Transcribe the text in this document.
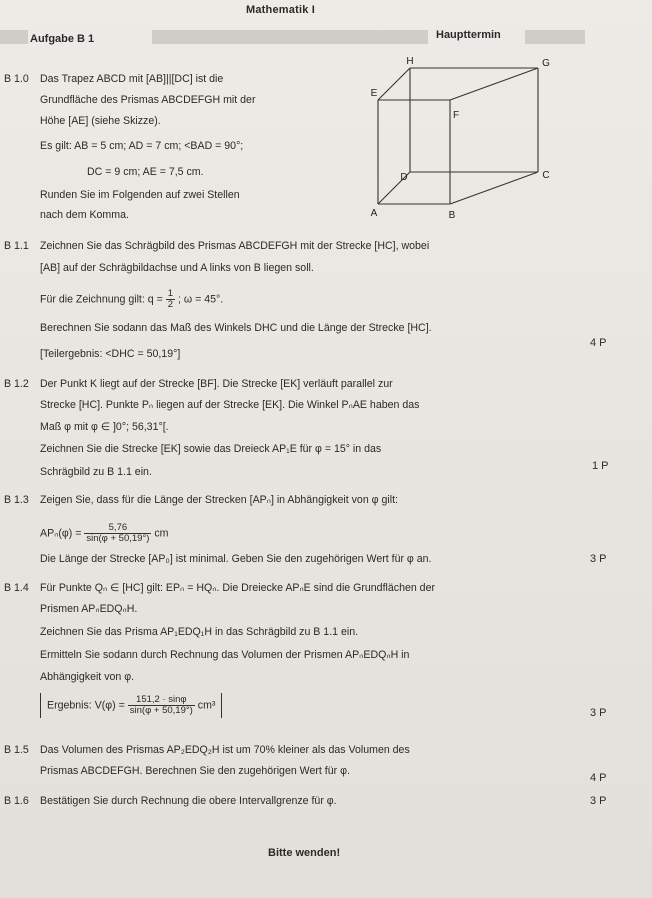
Mathematik I
Aufgabe B 1	Haupttermin
B 1.0 Das Trapez ABCD mit [AB]||[DC] ist die
Grundfläche des Prismas ABCDEFGH mit der
Höhe [AE] (siehe Skizze).
Es gilt: AB = 5 cm; AD = 7 cm; <BAD = 90°;
DC = 9 cm; AE = 7,5 cm.
Runden Sie im Folgenden auf zwei Stellen
nach dem Komma.
H	G
E
F
D	C
A	B
B 1.1 Zeichnen Sie das Schrägbild des Prismas ABCDEFGH mit der Strecke [HC], wobei
[AB] auf der Schrägbildachse und A links von B liegen soll.
Für die Zeichnung gilt: $q = \frac{1}{2}$ ; ω = 45°.
Berechnen Sie sodann das Maß des Winkels DHC und die Länge der Strecke [HC].
[Teilergebnis: <DHC = 50,19°]
4 P
B 1.2 Der Punkt K liegt auf der Strecke [BF]. Die Strecke [EK] verläuft parallel zur
Strecke [HC]. Punkte Pₙ liegen auf der Strecke [EK]. Die Winkel PₙAE haben das
Maß φ mit φ ∈ ]0°; 56,31°[.
Zeichnen Sie die Strecke [EK] sowie das Dreieck AP₁E für φ = 15° in das
Schrägbild zu B 1.1 ein.	1 P
B 1.3 Zeigen Sie, dass für die Länge der Strecken [APₙ] in Abhängigkeit von φ gilt:
$AP_n(\varphi) = \frac{5,76}{\sin(\varphi + 50,19^\circ)}$ cm
Die Länge der Strecke [AP₀] ist minimal. Geben Sie den zugehörigen Wert für φ an.	3 P
B 1.4 Für Punkte Qₙ ∈ [HC] gilt: EPₙ = HQₙ. Die Dreiecke APₙE sind die Grundflächen der
Prismen APₙEDQₙH.
Zeichnen Sie das Prisma AP₁EDQ₁H in das Schrägbild zu B 1.1 ein.
Ermitteln Sie sodann durch Rechnung das Volumen der Prismen APₙEDQₙH in
Abhängigkeit von φ.
Ergebnis: $V(\varphi) = \frac{151,2 \cdot \sin\varphi}{\sin(\varphi + 50,19^\circ)} cm^3$
3 P
B 1.5 Das Volumen des Prismas AP₂EDQ₂H ist um 70% kleiner als das Volumen des
Prismas ABCDEFGH. Berechnen Sie den zugehörigen Wert für φ.
4 P
B 1.6 Bestätigen Sie durch Rechnung die obere Intervallgrenze für φ.	3 P
Bitte wenden!
